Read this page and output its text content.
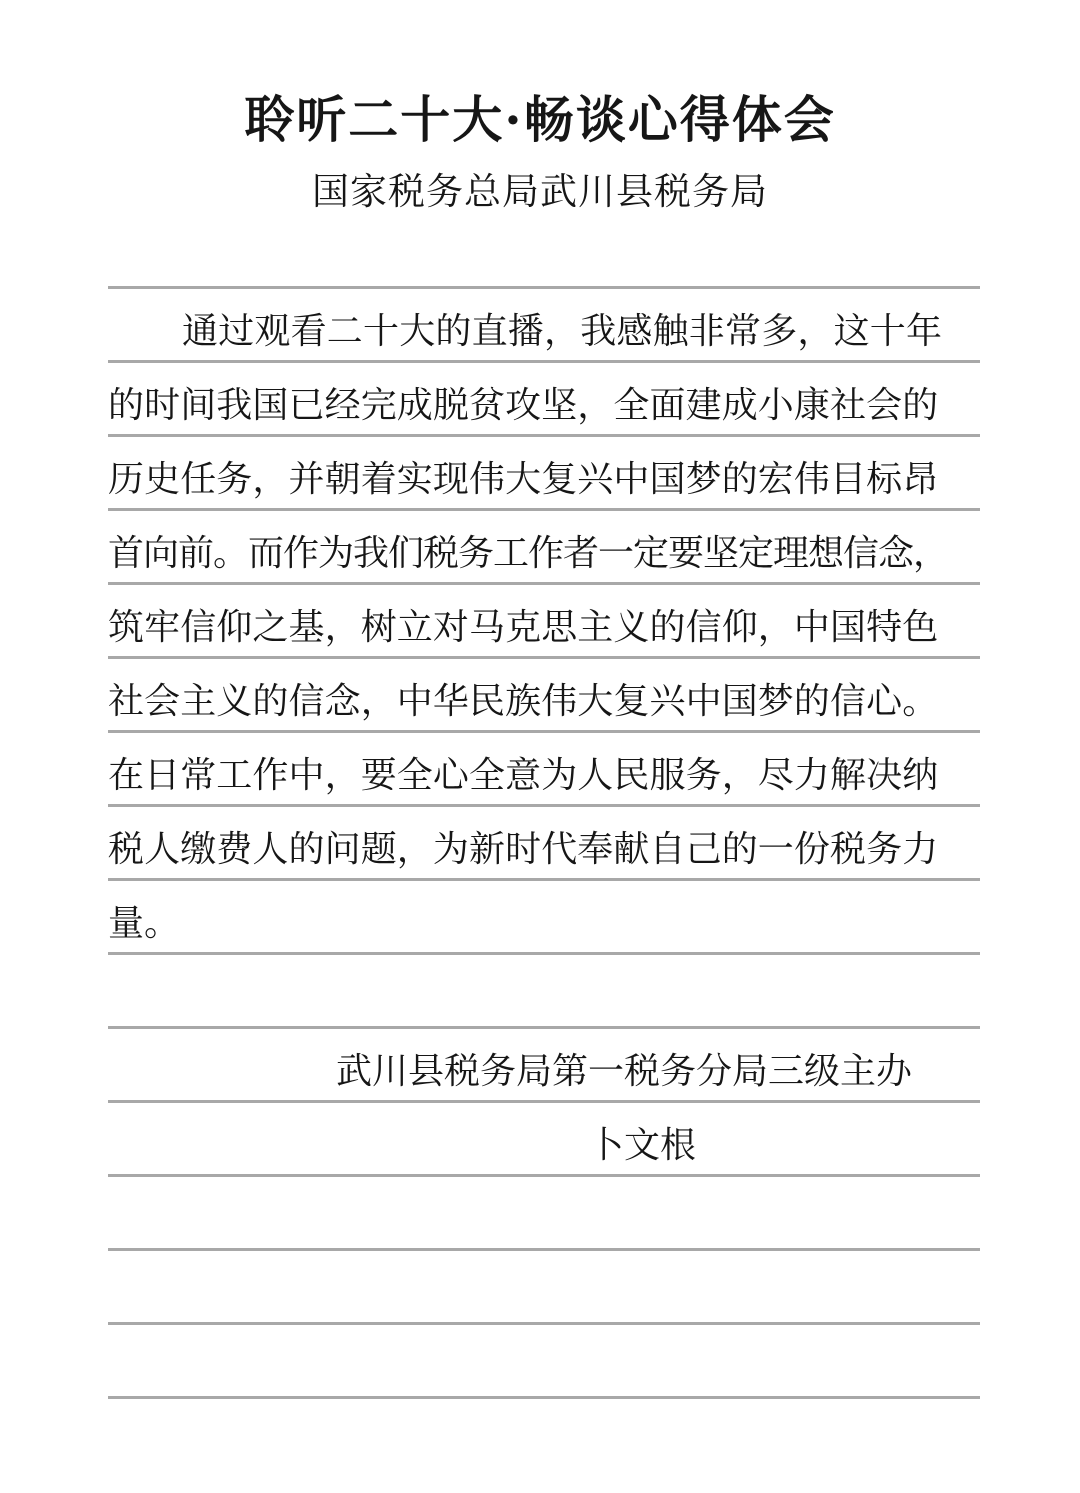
聆听二十大·畅谈心得体会
国家税务总局武川县税务局
通过观看二十大的直播，我感触非常多，这十年
的时间我国已经完成脱贫攻坚，全面建成小康社会的
历史任务，并朝着实现伟大复兴中国梦的宏伟目标昂
首向前。而作为我们税务工作者一定要坚定理想信念，
筑牢信仰之基，树立对马克思主义的信仰，中国特色
社会主义的信念，中华民族伟大复兴中国梦的信心。
在日常工作中，要全心全意为人民服务，尽力解决纳
税人缴费人的问题，为新时代奉献自己的一份税务力
量。
武川县税务局第一税务分局三级主办
卜文根
